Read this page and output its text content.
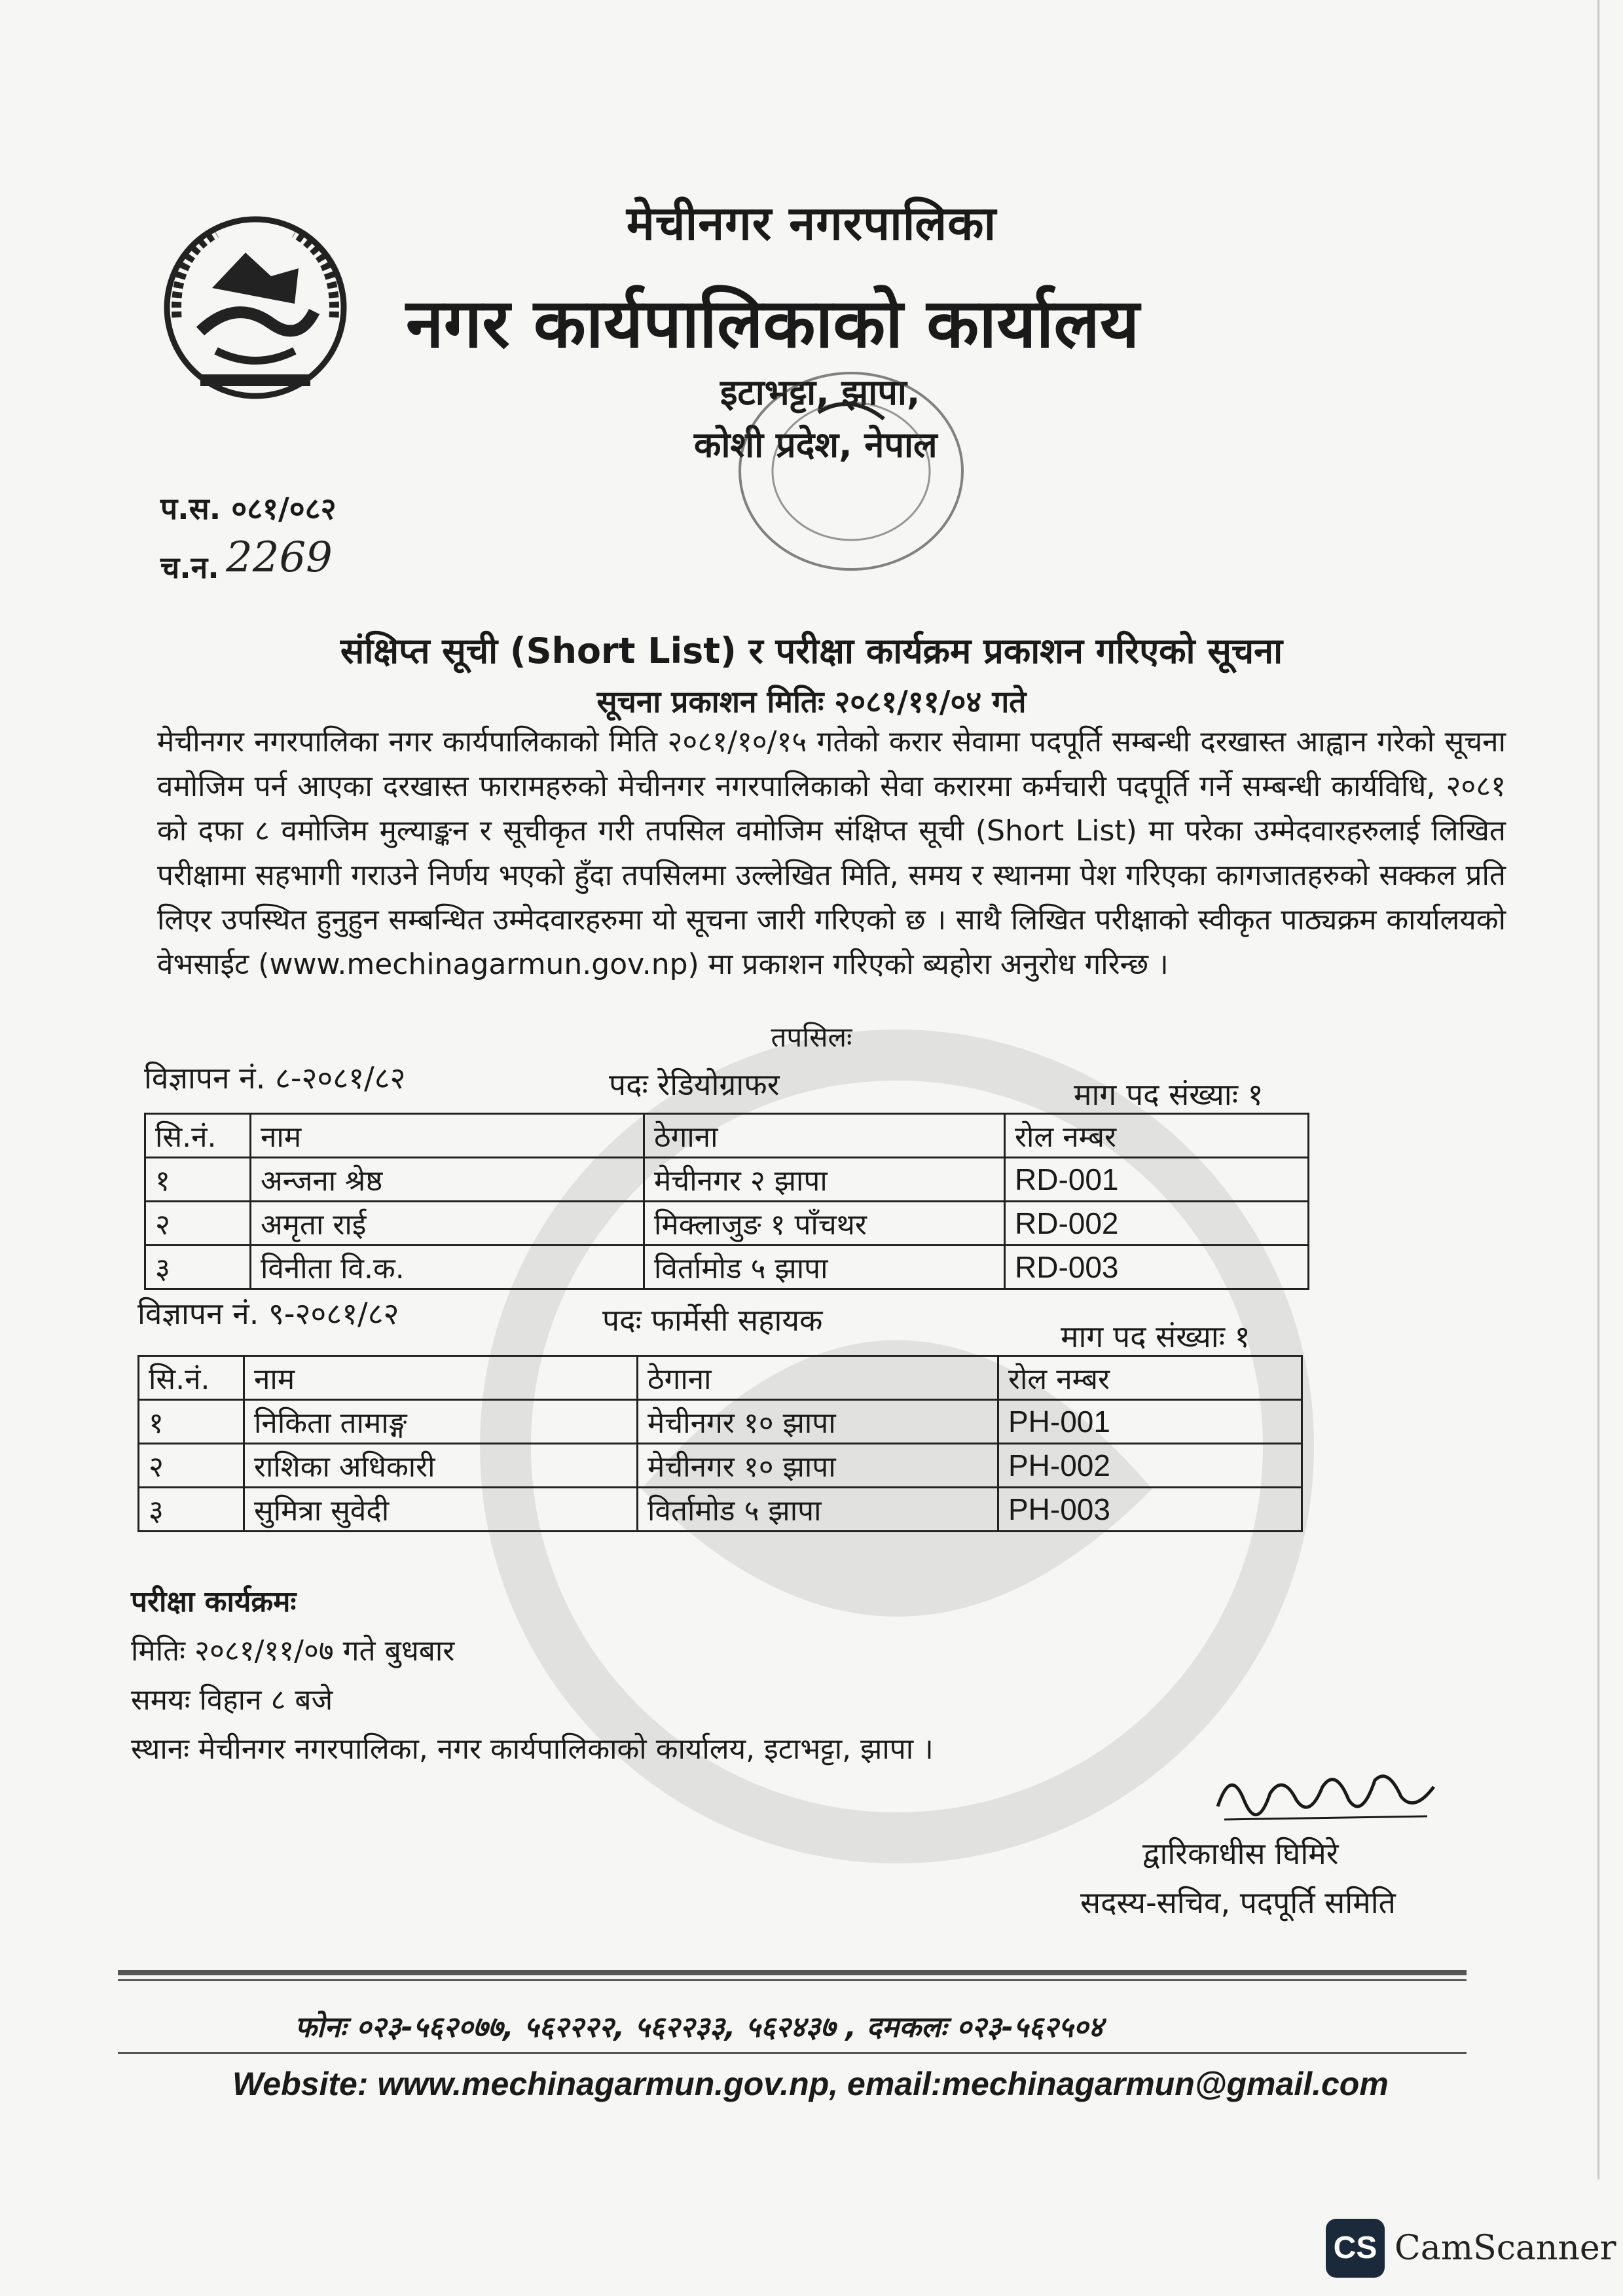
मेचीनगर नगरपालिका
नगर कार्यपालिकाको कार्यालय
इटाभट्टा, झापा,
कोशी प्रदेश, नेपाल
प.स. ०८१/०८२
च.न. 2269
संक्षिप्त सूची (Short List) र परीक्षा कार्यक्रम प्रकाशन गरिएको सूचना
सूचना प्रकाशन मितिः २०८१/११/०४ गते
मेचीनगर नगरपालिका नगर कार्यपालिकाको मिति २०८१/१०/१५ गतेको करार सेवामा पदपूर्ति सम्बन्धी दरखास्त आह्वान गरेको सूचना वमोजिम पर्न आएका दरखास्त फारामहरुको मेचीनगर नगरपालिकाको सेवा करारमा कर्मचारी पदपूर्ति गर्ने सम्बन्धी कार्यविधि, २०८१ को दफा ८ वमोजिम मुल्याङ्कन र सूचीकृत गरी तपसिल वमोजिम संक्षिप्त सूची (Short List) मा परेका उम्मेदवारहरुलाई लिखित परीक्षामा सहभागी गराउने निर्णय भएको हुँदा तपसिलमा उल्लेखित मिति, समय र स्थानमा पेश गरिएका कागजातहरुको सक्कल प्रति लिएर उपस्थित हुनुहुन सम्बन्धित उम्मेदवारहरुमा यो सूचना जारी गरिएको छ । साथै लिखित परीक्षाको स्वीकृत पाठ्यक्रम कार्यालयको वेभसाईट (www.mechinagarmun.gov.np) मा प्रकाशन गरिएको ब्यहोरा अनुरोध गरिन्छ ।
तपसिलः
विज्ञापन नं. ८-२०८१/८२	पदः रेडियोग्राफर	माग पद संख्याः १
सि.नं.	नाम	ठेगाना	रोल नम्बर
१	अन्जना श्रेष्ठ	मेचीनगर २ झापा	RD-001
२	अमृता राई	मिक्लाजुङ १ पाँचथर	RD-002
३	विनीता वि.क.	विर्तामोड ५ झापा	RD-003
विज्ञापन नं. ९-२०८१/८२	पदः फार्मेसी सहायक	माग पद संख्याः १
सि.नं.	नाम	ठेगाना	रोल नम्बर
१	निकिता तामाङ्ग	मेचीनगर १० झापा	PH-001
२	राशिका अधिकारी	मेचीनगर १० झापा	PH-002
३	सुमित्रा सुवेदी	विर्तामोड ५ झापा	PH-003
परीक्षा कार्यक्रमः
मितिः २०८१/११/०७ गते बुधबार
समयः विहान ८ बजे
स्थानः मेचीनगर नगरपालिका, नगर कार्यपालिकाको कार्यालय, इटाभट्टा, झापा ।
द्वारिकाधीस घिमिरे
सदस्य-सचिव, पदपूर्ति समिति
फोनः ०२३-५६२०७७, ५६२२२२, ५६२२३३, ५६२४३७ , दमकलः ०२३-५६२५०४
Website: www.mechinagarmun.gov.np, email:mechinagarmun@gmail.com
CS CamScanner
